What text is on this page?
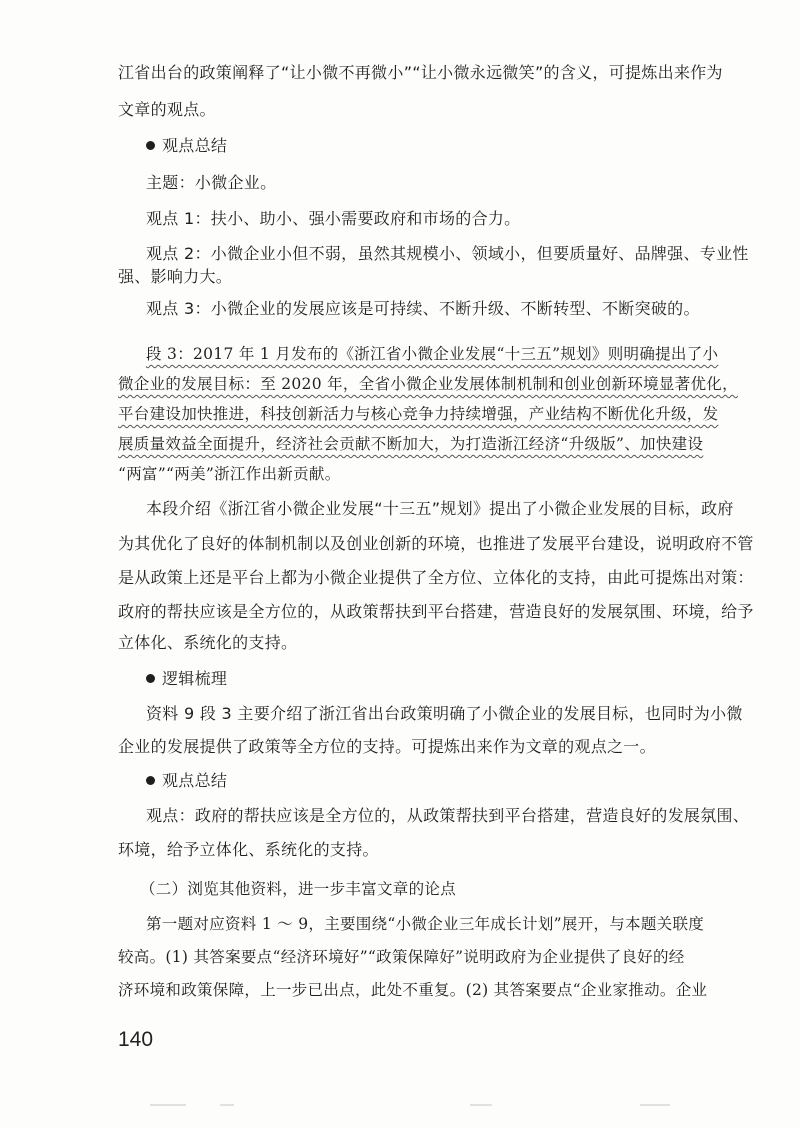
江省出台的政策阐释了“让小微不再微小”“让小微永远微笑”的含义，可提炼出来作为
文章的观点。
观点总结
主题：小微企业。
观点 1：扶小、助小、强小需要政府和市场的合力。
观点 2：小微企业小但不弱，虽然其规模小、领域小，但要质量好、品牌强、专业性
强、影响力大。
观点 3：小微企业的发展应该是可持续、不断升级、不断转型、不断突破的。
段 3：2017 年 1 月发布的《浙江省小微企业发展“十三五”规划》则明确提出了小
微企业的发展目标：至 2020 年，全省小微企业发展体制机制和创业创新环境显著优化，
平台建设加快推进，科技创新活力与核心竞争力持续增强，产业结构不断优化升级，发
展质量效益全面提升，经济社会贡献不断加大，为打造浙江经济“升级版”、加快建设
“两富”“两美”浙江作出新贡献。
本段介绍《浙江省小微企业发展“十三五”规划》提出了小微企业发展的目标，政府
为其优化了良好的体制机制以及创业创新的环境，也推进了发展平台建设，说明政府不管
是从政策上还是平台上都为小微企业提供了全方位、立体化的支持，由此可提炼出对策：
政府的帮扶应该是全方位的，从政策帮扶到平台搭建，营造良好的发展氛围、环境，给予
立体化、系统化的支持。
逻辑梳理
资料 9 段 3 主要介绍了浙江省出台政策明确了小微企业的发展目标，也同时为小微
企业的发展提供了政策等全方位的支持。可提炼出来作为文章的观点之一。
观点总结
观点：政府的帮扶应该是全方位的，从政策帮扶到平台搭建，营造良好的发展氛围、
环境，给予立体化、系统化的支持。
（二）浏览其他资料，进一步丰富文章的论点
第一题对应资料 1 ～ 9，主要围绕“小微企业三年成长计划”展开，与本题关联度
较高。(1) 其答案要点“经济环境好”“政策保障好”说明政府为企业提供了良好的经
济环境和政策保障，上一步已出点，此处不重复。(2) 其答案要点“企业家推动。企业
140
